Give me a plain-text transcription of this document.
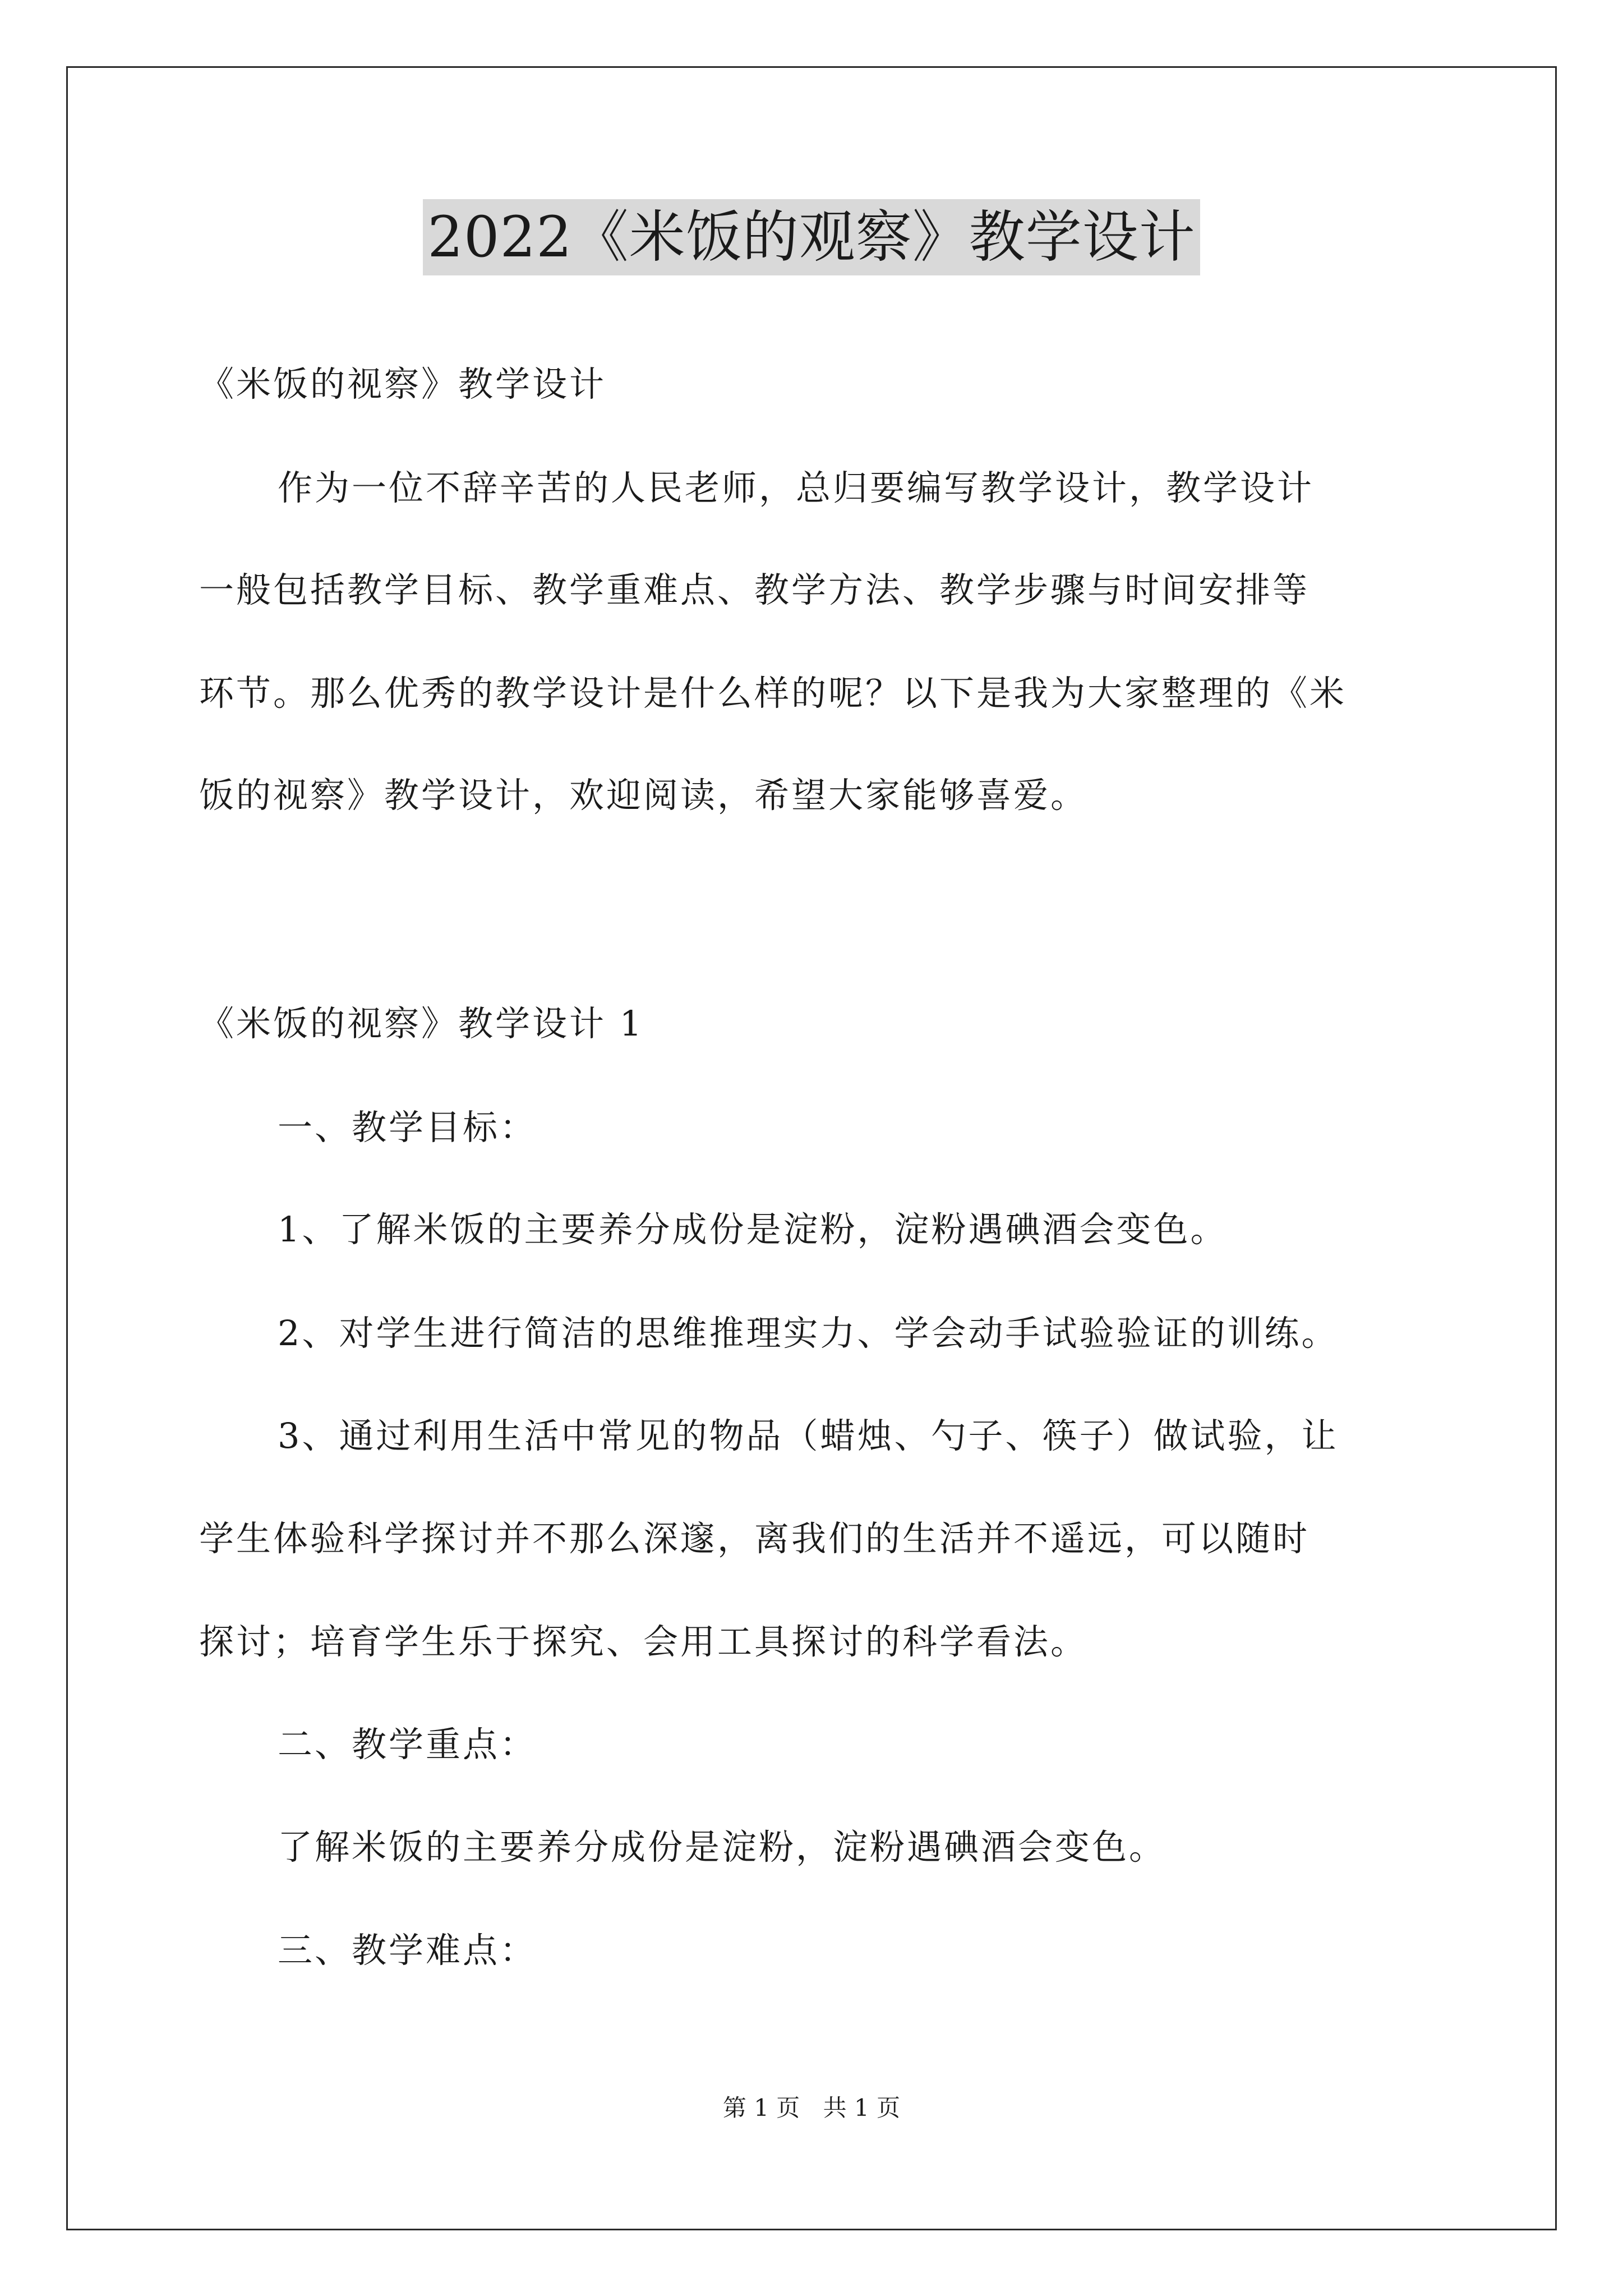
2022《米饭的观察》教学设计
《米饭的视察》教学设计
作为一位不辞辛苦的人民老师，总归要编写教学设计，教学设计
一般包括教学目标、教学重难点、教学方法、教学步骤与时间安排等
环节。那么优秀的教学设计是什么样的呢？以下是我为大家整理的《米
饭的视察》教学设计，欢迎阅读，希望大家能够喜爱。
《米饭的视察》教学设计 1
一、教学目标：
1、了解米饭的主要养分成份是淀粉，淀粉遇碘酒会变色。
2、对学生进行简洁的思维推理实力、学会动手试验验证的训练。
3、通过利用生活中常见的物品（蜡烛、勺子、筷子）做试验，让
学生体验科学探讨并不那么深邃，离我们的生活并不遥远，可以随时
探讨；培育学生乐于探究、会用工具探讨的科学看法。
二、教学重点：
了解米饭的主要养分成份是淀粉，淀粉遇碘酒会变色。
三、教学难点：
第 1 页 共 1 页
